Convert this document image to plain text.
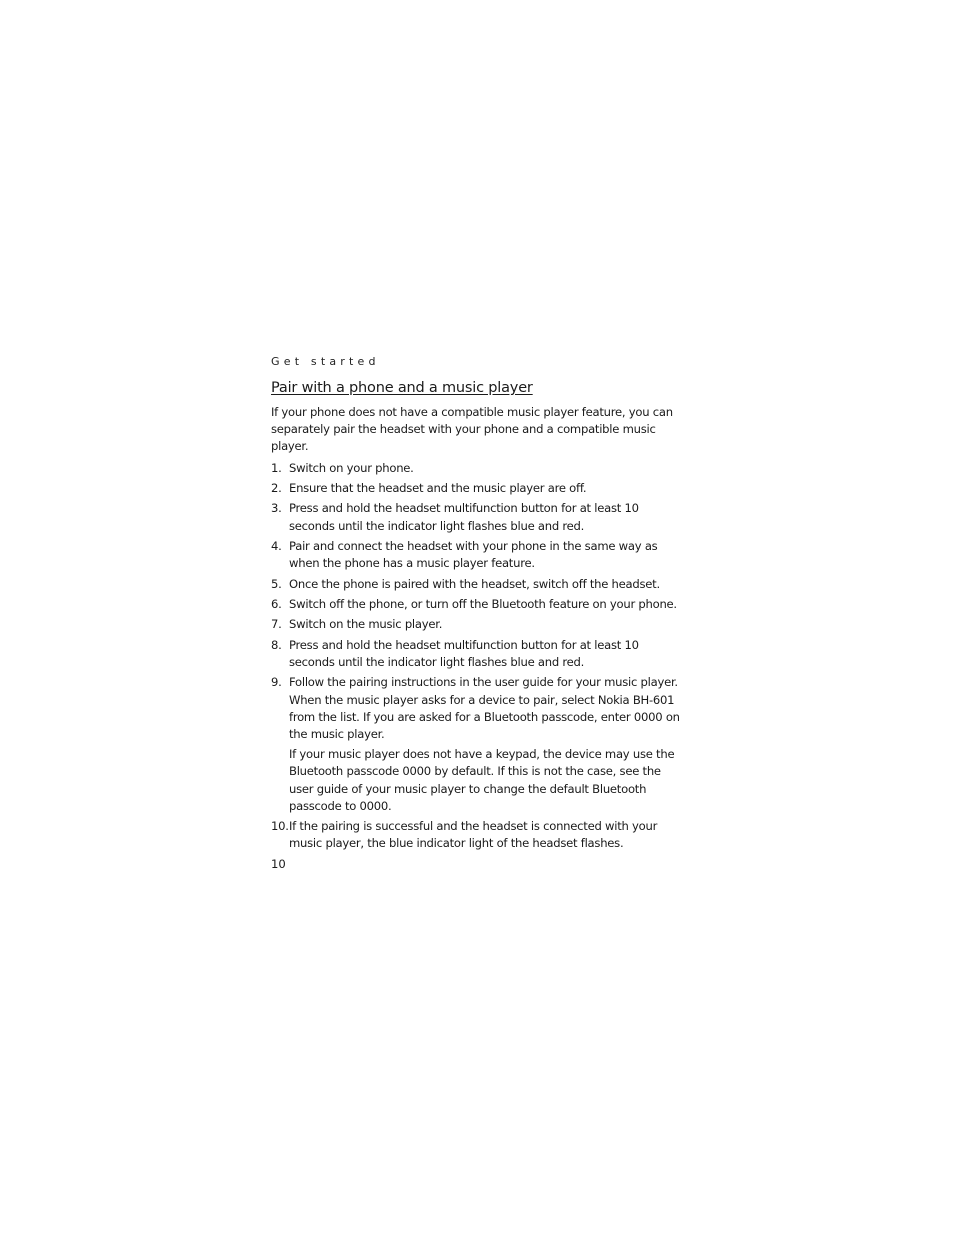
Get started
Pair with a phone and a music player

If your phone does not have a compatible music player feature, you can separately pair the headset with your phone and a compatible music player.

1. Switch on your phone.

2. Ensure that the headset and the music player are off.

3. Press and hold the headset multifunction button for at least 10 seconds until the indicator light flashes blue and red.

4. Pair and connect the headset with your phone in the same way as when the phone has a music player feature.

5. Once the phone is paired with the headset, switch off the headset.

6. Switch off the phone, or turn off the Bluetooth feature on your phone.

7. Switch on the music player.

8. Press and hold the headset multifunction button for at least 10 seconds until the indicator light flashes blue and red.

9. Follow the pairing instructions in the user guide for your music player. When the music player asks for a device to pair, select Nokia BH-601 from the list. If you are asked for a Bluetooth passcode, enter 0000 on the music player.

If your music player does not have a keypad, the device may use the Bluetooth passcode 0000 by default. If this is not the case, see the user guide of your music player to change the default Bluetooth passcode to 0000.

10. If the pairing is successful and the headset is connected with your music player, the blue indicator light of the headset flashes.

10
